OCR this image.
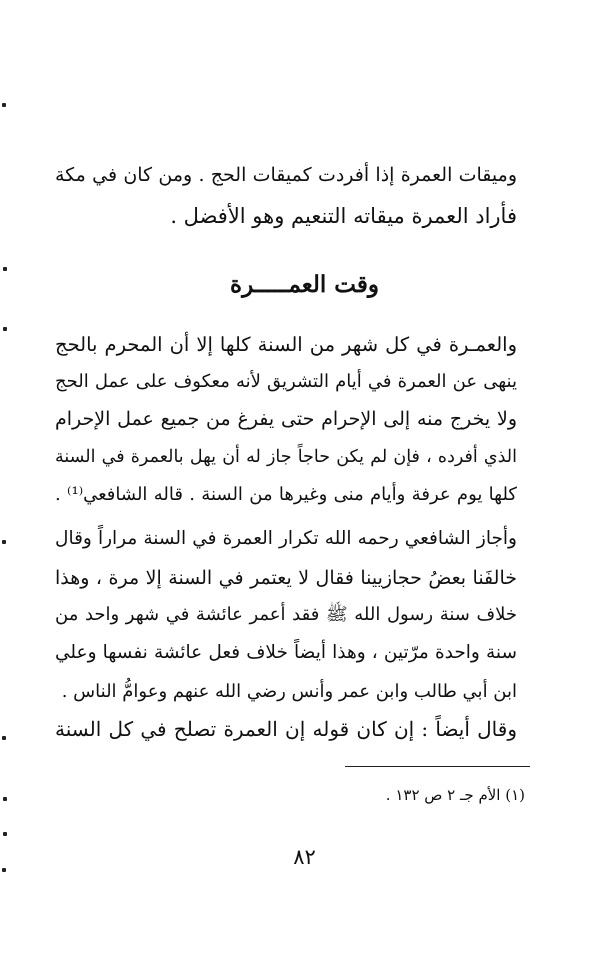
وميقات العمرة إذا أفردت كميقات الحج . ومن كان في مكة
فأراد العمرة ميقاته التنعيم وهو الأفضل .
وقت العمـــــرة
والعمـرة في كل شهر من السنة كلها إلا أن المحرم بالحج
ينهى عن العمرة في أيام التشريق لأنه معكوف على عمل الحج
ولا يخرج منه إلى الإحرام حتى يفرغ من جميع عمل الإحرام
الذي أفرده ، فإن لم يكن حاجاً جاز له أن يهل بالعمرة في السنة
كلها يوم عرفة وأيام منى وغيرها من السنة . قاله الشافعي⁽¹⁾ .
وأجاز الشافعي رحمه الله تكرار العمرة في السنة مراراً وقال
خالفَنا بعضُ حجازيينا فقال لا يعتمر في السنة إلا مرة ، وهذا
خلاف سنة رسول الله ﷺ فقد أعمر عائشة في شهر واحد من
سنة واحدة مرّتين ، وهذا أيضاً خلاف فعل عائشة نفسها وعلي
ابن أبي طالب وابن عمر وأنس رضي الله عنهم وعوامُّ الناس .
وقال أيضاً : إن كان قوله إن العمرة تصلح في كل السنة
(١) الأم جـ ٢ ص ١٣٢ .
٨٢
